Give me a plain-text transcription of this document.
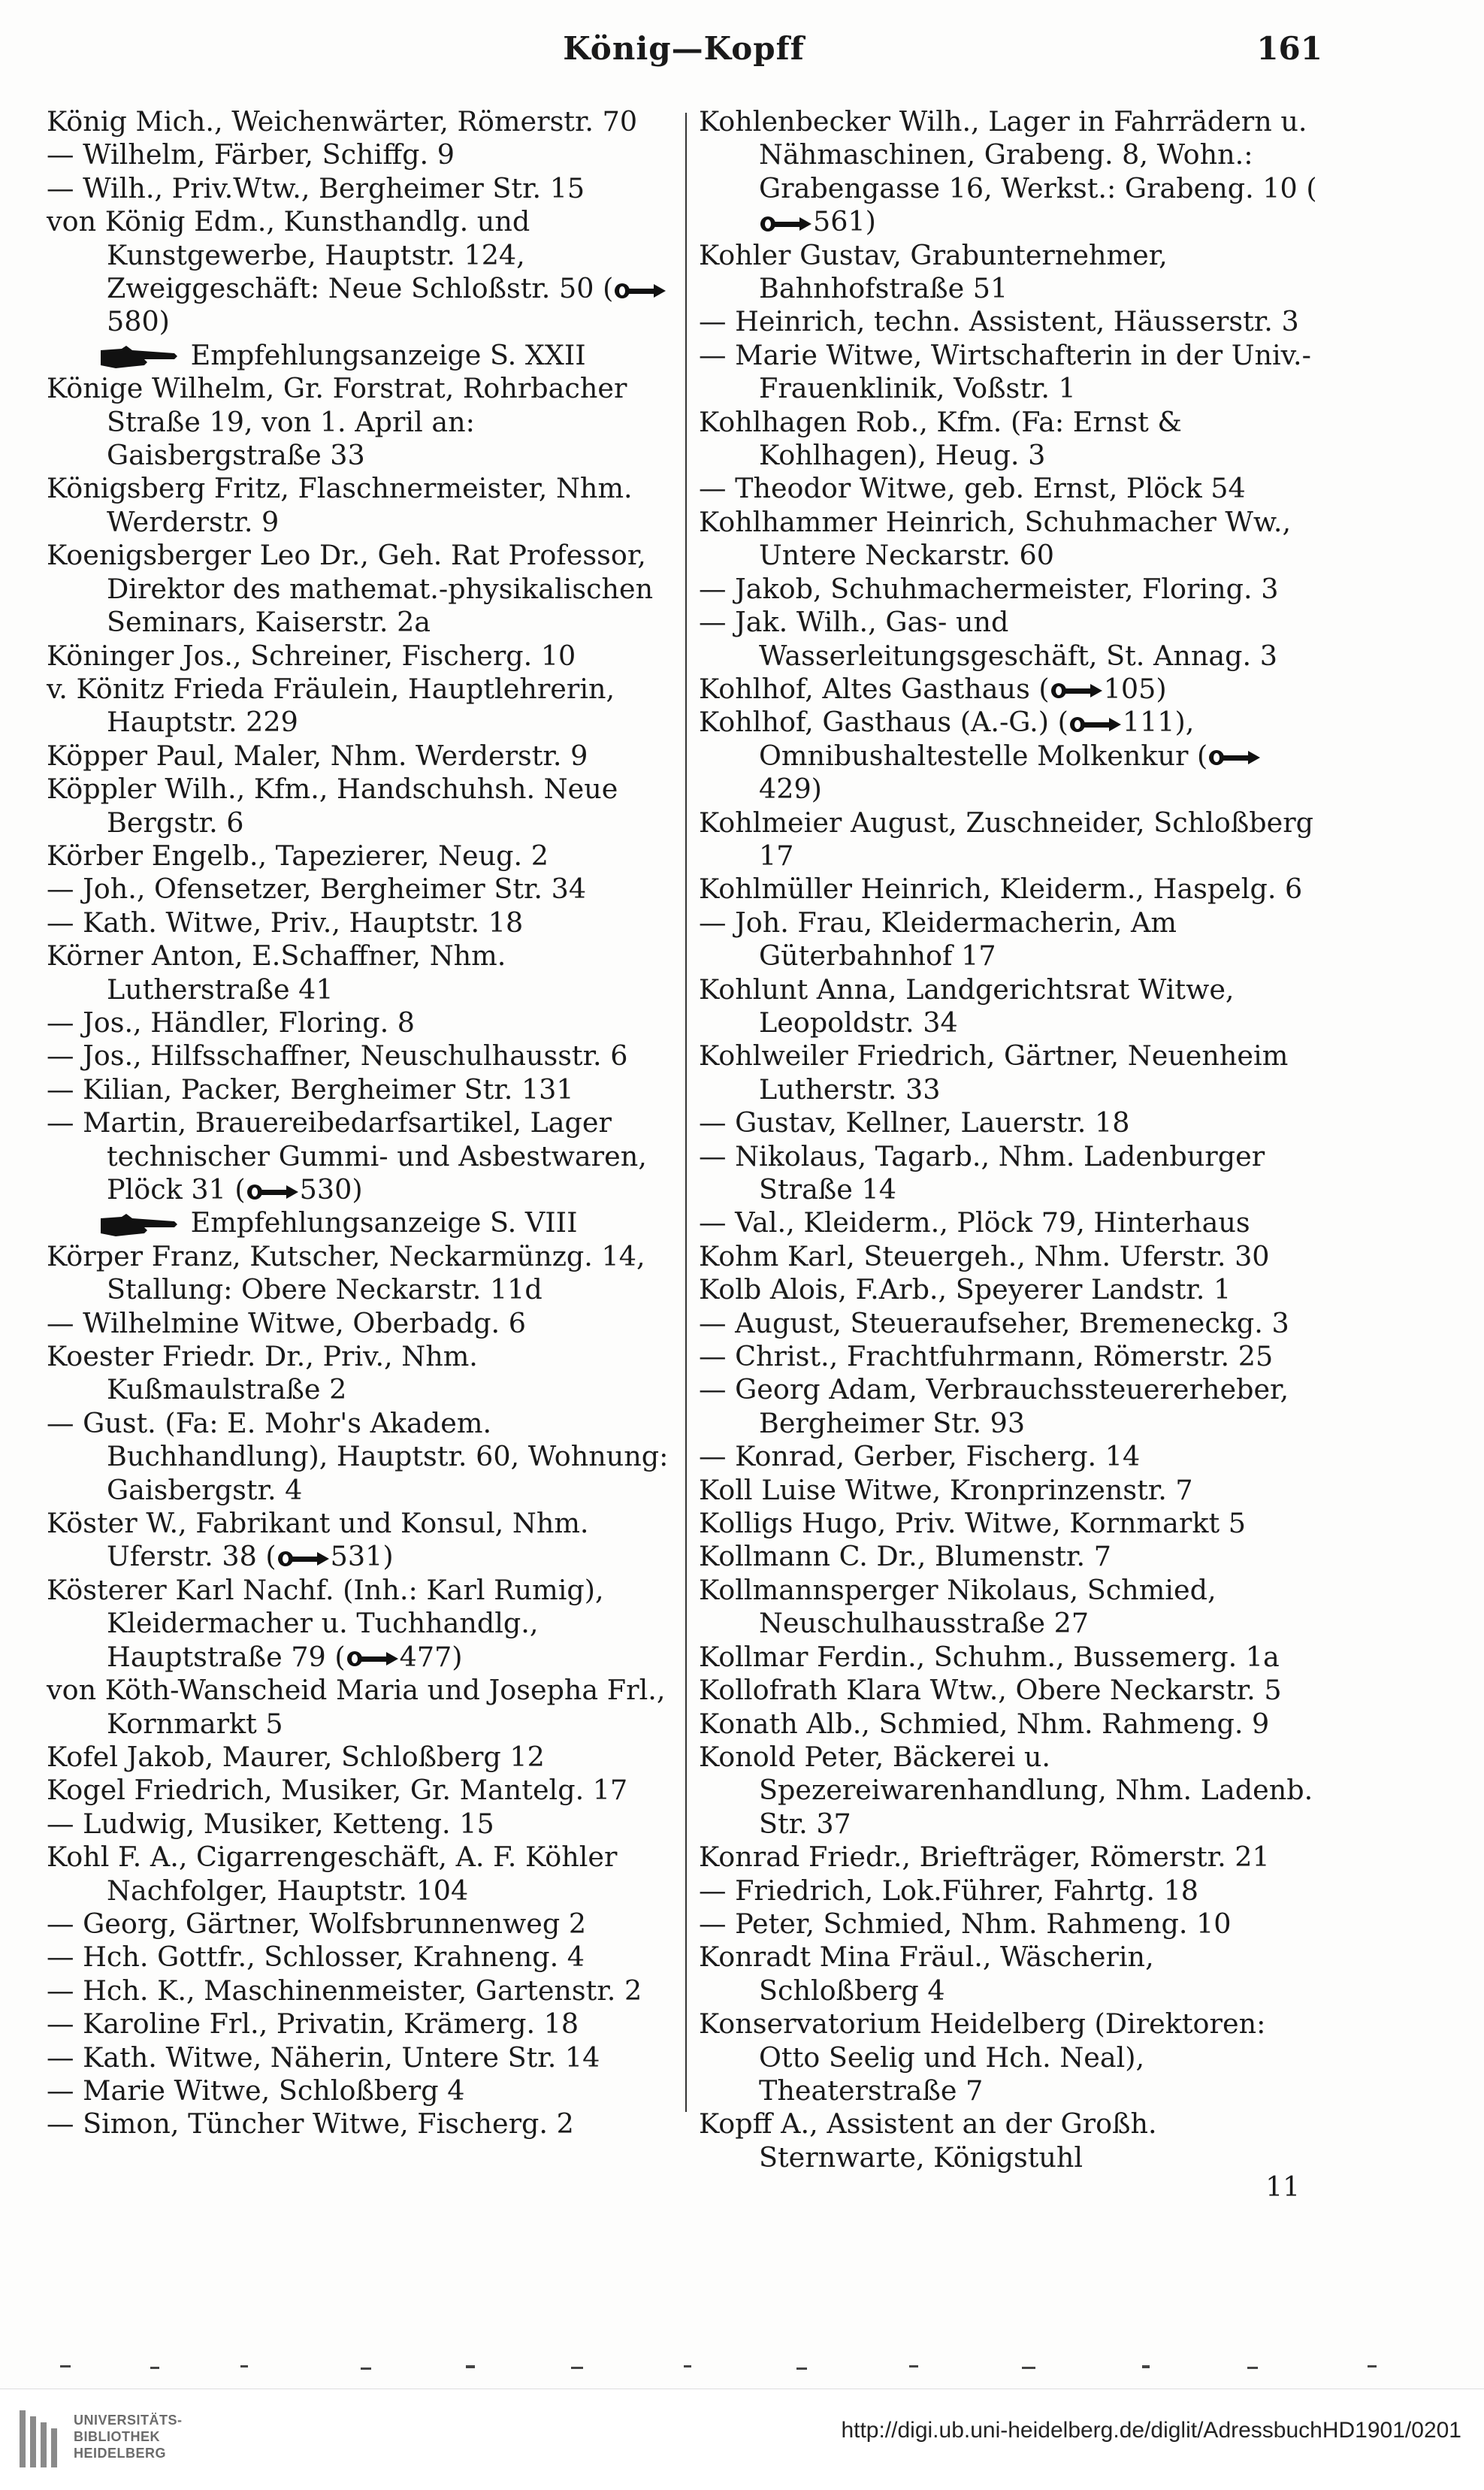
König—Kopff	161

König Mich., Weichenwärter, Römerstr. 70

— Wilhelm, Färber, Schiffg. 9

— Wilh., Priv.Wtw., Bergheimer Str. 15

von König Edm., Kunsthandlg. und Kunstgewerbe, Hauptstr. 124, Zweiggeschäft: Neue Schloßstr. 50 (580)

Empfehlungsanzeige S. XXII

Könige Wilhelm, Gr. Forstrat, Rohrbacher Straße 19, von 1. April an: Gaisbergstraße 33

Königsberg Fritz, Flaschnermeister, Nhm. Werderstr. 9

Koenigsberger Leo Dr., Geh. Rat Professor, Direktor des mathemat.-physikalischen Seminars, Kaiserstr. 2a

Köninger Jos., Schreiner, Fischerg. 10

v. Könitz Frieda Fräulein, Hauptlehrerin, Hauptstr. 229

Köpper Paul, Maler, Nhm. Werderstr. 9

Köppler Wilh., Kfm., Handschuhsh. Neue Bergstr. 6

Körber Engelb., Tapezierer, Neug. 2

— Joh., Ofensetzer, Bergheimer Str. 34

— Kath. Witwe, Priv., Hauptstr. 18

Körner Anton, E.Schaffner, Nhm. Lutherstraße 41

— Jos., Händler, Floring. 8

— Jos., Hilfsschaffner, Neuschulhausstr. 6

— Kilian, Packer, Bergheimer Str. 131

— Martin, Brauereibedarfsartikel, Lager technischer Gummi- und Asbestwaren, Plöck 31 ( 530)

Empfehlungsanzeige S. VIII

Körper Franz, Kutscher, Neckarmünzg. 14, Stallung: Obere Neckarstr. 11d

— Wilhelmine Witwe, Oberbadg. 6

Koester Friedr. Dr., Priv., Nhm. Kußmaulstraße 2

— Gust. (Fa: E. Mohr's Akadem. Buchhandlung), Hauptstr. 60, Wohnung: Gaisbergstr. 4

Köster W., Fabrikant und Konsul, Nhm. Uferstr. 38 ( 531)

Kösterer Karl Nachf. (Inh.: Karl Rumig), Kleidermacher u. Tuchhandlg., Hauptstraße 79 ( 477)

von Köth-Wanscheid Maria und Josepha Frl., Kornmarkt 5

Kofel Jakob, Maurer, Schloßberg 12

Kogel Friedrich, Musiker, Gr. Mantelg. 17

— Ludwig, Musiker, Ketteng. 15

Kohl F. A., Cigarrengeschäft, A. F. Köhler Nachfolger, Hauptstr. 104

— Georg, Gärtner, Wolfsbrunnenweg 2

— Hch. Gottfr., Schlosser, Krahneng. 4

— Hch. K., Maschinenmeister, Gartenstr. 2

— Karoline Frl., Privatin, Krämerg. 18

— Kath. Witwe, Näherin, Untere Str. 14

— Marie Witwe, Schloßberg 4

— Simon, Tüncher Witwe, Fischerg. 2

Kohlenbecker Wilh., Lager in Fahrrädern u. Nähmaschinen, Grabeng. 8, Wohn.: Grabengasse 16, Werkst.: Grabeng. 10 (561)

Kohler Gustav, Grabunternehmer, Bahnhofstraße 51

— Heinrich, techn. Assistent, Häusserstr. 3

— Marie Witwe, Wirtschafterin in der Univ.-Frauenklinik, Voßstr. 1

Kohlhagen Rob., Kfm. (Fa: Ernst & Kohlhagen), Heug. 3

— Theodor Witwe, geb. Ernst, Plöck 54

Kohlhammer Heinrich, Schuhmacher Ww., Untere Neckarstr. 60

— Jakob, Schuhmachermeister, Floring. 3

— Jak. Wilh., Gas- und Wasserleitungsgeschäft, St. Annag. 3

Kohlhof, Altes Gasthaus ( 105)

Kohlhof, Gasthaus (A.-G.) ( 111), Omnibushaltestelle Molkenkur (429)

Kohlmeier August, Zuschneider, Schloßberg 17

Kohlmüller Heinrich, Kleiderm., Haspelg. 6

— Joh. Frau, Kleidermacherin, Am Güterbahnhof 17

Kohlunt Anna, Landgerichtsrat Witwe, Leopoldstr. 34

Kohlweiler Friedrich, Gärtner, Neuenheim Lutherstr. 33

— Gustav, Kellner, Lauerstr. 18

— Nikolaus, Tagarb., Nhm. Ladenburger Straße 14

— Val., Kleiderm., Plöck 79, Hinterhaus

Kohm Karl, Steuergeh., Nhm. Uferstr. 30

Kolb Alois, F.Arb., Speyerer Landstr. 1

— August, Steueraufseher, Bremeneckg. 3

— Christ., Frachtfuhrmann, Römerstr. 25

— Georg Adam, Verbrauchssteuererheber, Bergheimer Str. 93

— Konrad, Gerber, Fischerg. 14

Koll Luise Witwe, Kronprinzenstr. 7

Kolligs Hugo, Priv. Witwe, Kornmarkt 5

Kollmann C. Dr., Blumenstr. 7

Kollmannsperger Nikolaus, Schmied, Neuschulhausstraße 27

Kollmar Ferdin., Schuhm., Bussemerg. 1a

Kollofrath Klara Wtw., Obere Neckarstr. 5

Konath Alb., Schmied, Nhm. Rahmeng. 9

Konold Peter, Bäckerei u. Spezereiwarenhandlung, Nhm. Ladenb. Str. 37

Konrad Friedr., Briefträger, Römerstr. 21

— Friedrich, Lok.Führer, Fahrtg. 18

— Peter, Schmied, Nhm. Rahmeng. 10

Konradt Mina Fräul., Wäscherin, Schloßberg 4

Konservatorium Heidelberg (Direktoren: Otto Seelig und Hch. Neal), Theaterstraße 7

Kopff A., Assistent an der Großh. Sternwarte, Königstuhl

11
UNIVERSITÄTS-
BIBLIOTHEK
HEIDELBERG
http://digi.ub.uni-heidelberg.de/diglit/AdressbuchHD1901/0201
